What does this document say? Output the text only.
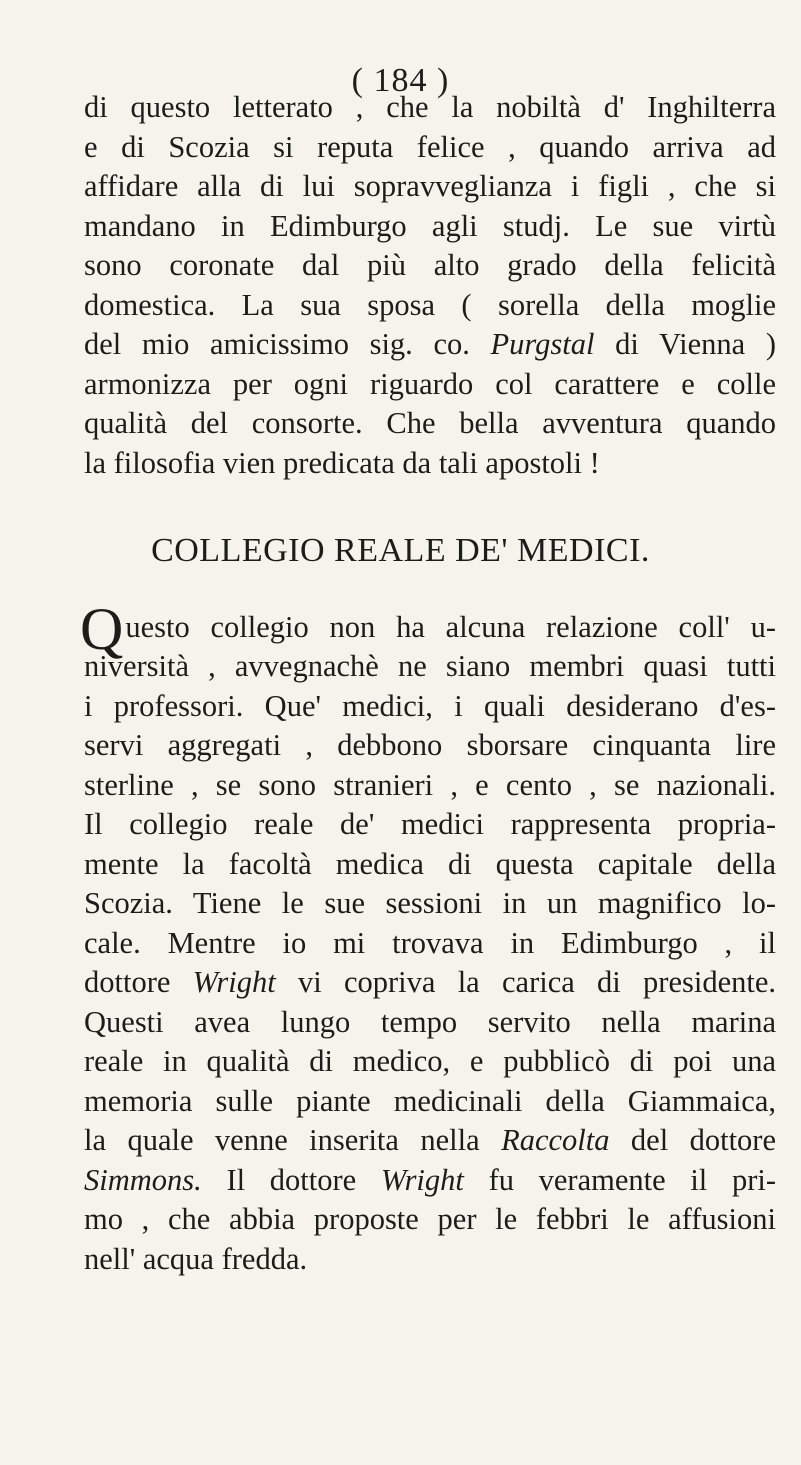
( 184 )
di questo letterato , che la nobiltà d' Inghilterra
e di Scozia si reputa felice , quando arriva ad
affidare alla di lui sopravveglianza i figli , che si
mandano in Edimburgo agli studj. Le sue virtù
sono coronate dal più alto grado della felicità
domestica. La sua sposa ( sorella della moglie
del mio amicissimo sig. co. Purgstal di Vienna )
armonizza per ogni riguardo col carattere e colle
qualità del consorte. Che bella avventura quando
la filosofia vien predicata da tali apostoli !
COLLEGIO REALE DE' MEDICI.
Q uesto collegio non ha alcuna relazione coll' u-
niversità , avvegnachè ne siano membri quasi tutti
i professori. Que' medici, i quali desiderano d'es-
servi aggregati , debbono sborsare cinquanta lire
sterline , se sono stranieri , e cento , se nazionali.
Il collegio reale de' medici rappresenta propria-
mente la facoltà medica di questa capitale della
Scozia. Tiene le sue sessioni in un magnifico lo-
cale. Mentre io mi trovava in Edimburgo , il
dottore Wright vi copriva la carica di presidente.
Questi avea lungo tempo servito nella marina
reale in qualità di medico, e pubblicò di poi una
memoria sulle piante medicinali della Giammaica,
la quale venne inserita nella Raccolta del dottore
Simmons. Il dottore Wright fu veramente il pri-
mo , che abbia proposte per le febbri le affusioni
nell' acqua fredda.
